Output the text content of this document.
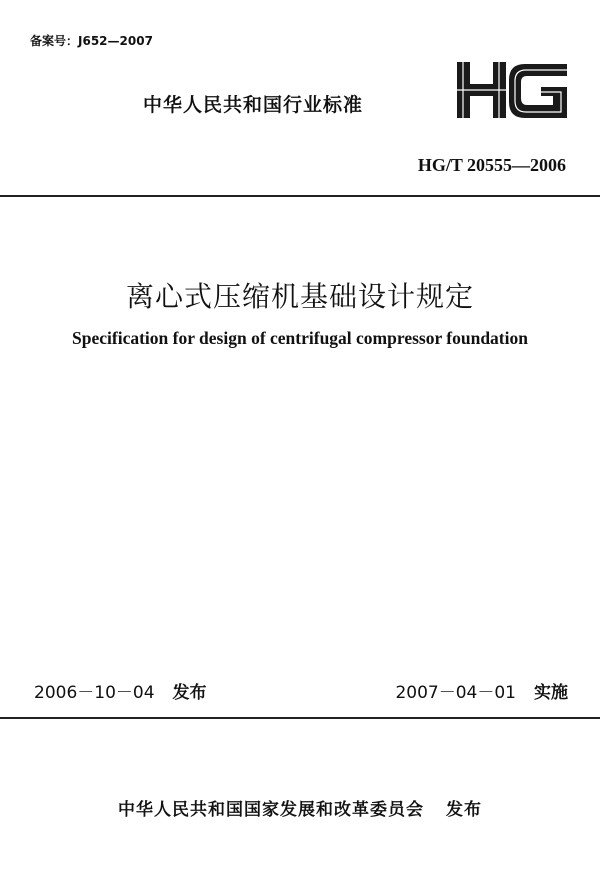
备案号：J652—2007
中华人民共和国行业标准
HG/T 20555—2006
离心式压缩机基础设计规定
Specification for design of centrifugal compressor foundation
2006－10－04 发布	2007－04－01 实施
中华人民共和国国家发展和改革委员会 发布
